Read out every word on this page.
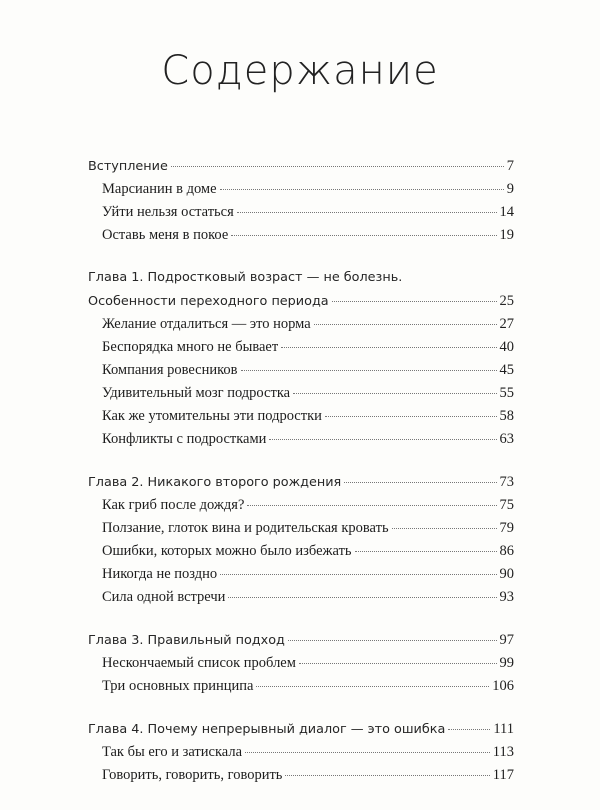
Содержание
Вступление	7
Марсианин в доме	9
Уйти нельзя остаться	14
Оставь меня в покое	19
Глава 1. Подростковый возраст — не болезнь.
Особенности переходного периода	25
Желание отдалиться — это норма	27
Беспорядка много не бывает	40
Компания ровесников	45
Удивительный мозг подростка	55
Как же утомительны эти подростки	58
Конфликты с подростками	63
Глава 2. Никакого второго рождения	73
Как гриб после дождя?	75
Ползание, глоток вина и родительская кровать	79
Ошибки, которых можно было избежать	86
Никогда не поздно	90
Сила одной встречи	93
Глава 3. Правильный подход	97
Нескончаемый список проблем	99
Три основных принципа	106
Глава 4. Почему непрерывный диалог — это ошибка	111
Так бы его и затискала	113
Говорить, говорить, говорить	117
